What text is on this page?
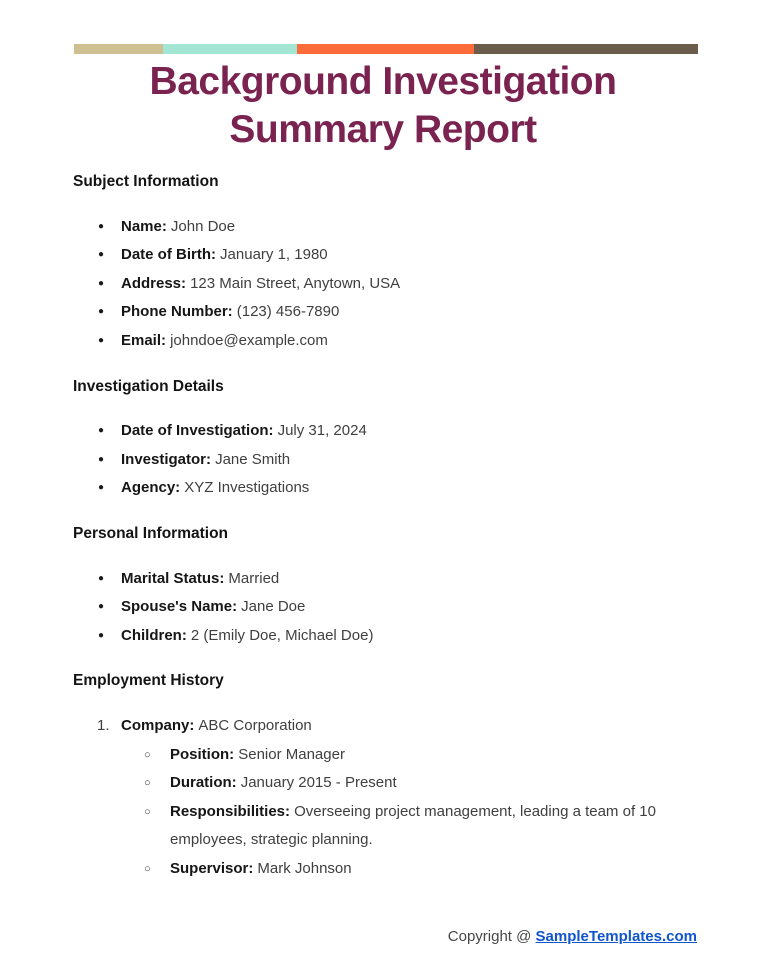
Background Investigation
Summary Report
Subject Information
●	Name: John Doe
●	Date of Birth: January 1, 1980
●	Address: 123 Main Street, Anytown, USA
●	Phone Number: (123) 456-7890
●	Email: johndoe@example.com
Investigation Details
●	Date of Investigation: July 31, 2024
●	Investigator: Jane Smith
●	Agency: XYZ Investigations
Personal Information
●	Marital Status: Married
●	Spouse's Name: Jane Doe
●	Children: 2 (Emily Doe, Michael Doe)
Employment History
1. Company: ABC Corporation
○	Position: Senior Manager
○	Duration: January 2015 - Present
○	Responsibilities: Overseeing project management, leading a team of 10 employees, strategic planning.
○	Supervisor: Mark Johnson
Copyright @ SampleTemplates.com
